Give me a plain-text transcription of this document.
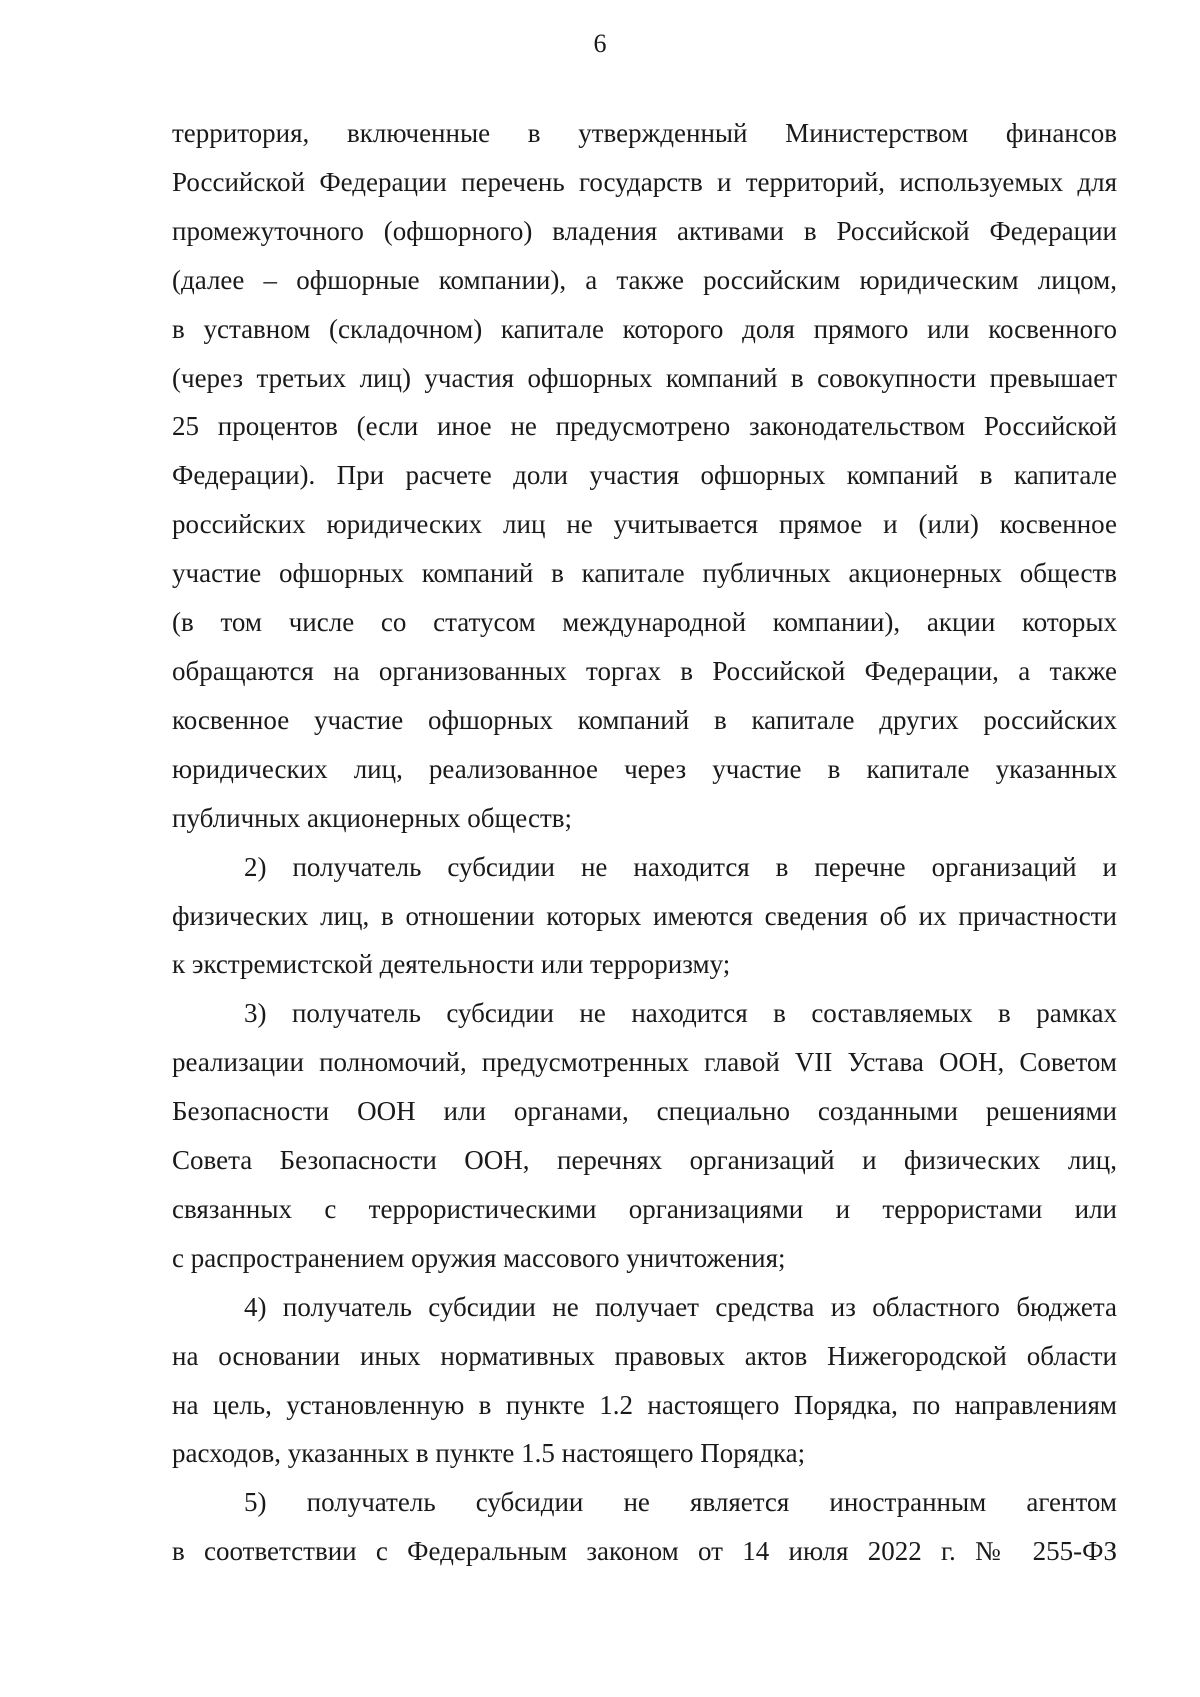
6
территория, включенные в утвержденный Министерством финансов
Российской Федерации перечень государств и территорий, используемых для
промежуточного (офшорного) владения активами в Российской Федерации
(далее – офшорные компании), а также российским юридическим лицом,
в уставном (складочном) капитале которого доля прямого или косвенного
(через третьих лиц) участия офшорных компаний в совокупности превышает
25 процентов (если иное не предусмотрено законодательством Российской
Федерации). При расчете доли участия офшорных компаний в капитале
российских юридических лиц не учитывается прямое и (или) косвенное
участие офшорных компаний в капитале публичных акционерных обществ
(в том числе со статусом международной компании), акции которых
обращаются на организованных торгах в Российской Федерации, а также
косвенное участие офшорных компаний в капитале других российских
юридических лиц, реализованное через участие в капитале указанных
публичных акционерных обществ;
2) получатель субсидии не находится в перечне организаций и
физических лиц, в отношении которых имеются сведения об их причастности
к экстремистской деятельности или терроризму;
3) получатель субсидии не находится в составляемых в рамках
реализации полномочий, предусмотренных главой VII Устава ООН, Советом
Безопасности ООН или органами, специально созданными решениями
Совета Безопасности ООН, перечнях организаций и физических лиц,
связанных с террористическими организациями и террористами или
с распространением оружия массового уничтожения;
4) получатель субсидии не получает средства из областного бюджета
на основании иных нормативных правовых актов Нижегородской области
на цель, установленную в пункте 1.2 настоящего Порядка, по направлениям
расходов, указанных в пункте 1.5 настоящего Порядка;
5) получатель субсидии не является иностранным агентом
в соответствии с Федеральным законом от 14 июля 2022 г. № 255-ФЗ
